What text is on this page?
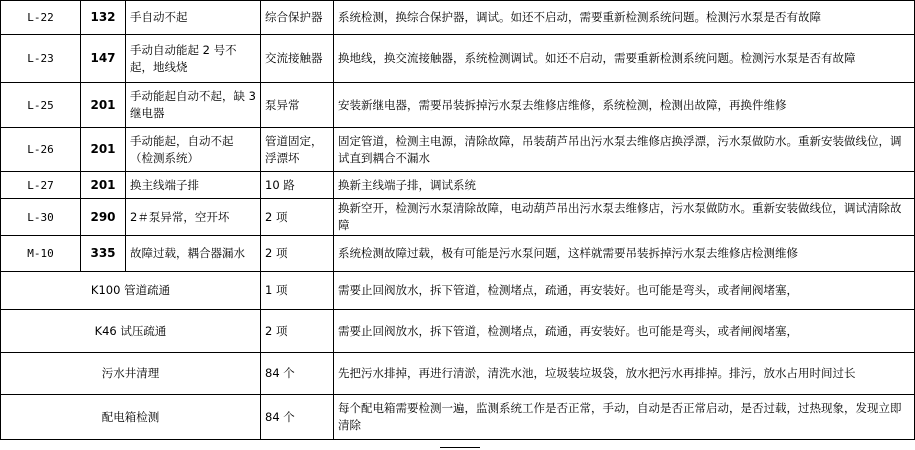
L-22	132	手自动不起	综合保护器	系统检测，换综合保护器，调试。如还不启动，需要重新检测系统问题。检测污水泵是否有故障
L-23	147	手动自动能起 2 号不起，地线烧	交流接触器	换地线，换交流接触器，系统检测调试。如还不启动，需要重新检测系统问题。检测污水泵是否有故障
L-25	201	手动能起自动不起，缺 3 继电器	泵异常	安装新继电器，需要吊装拆掉污水泵去维修店维修，系统检测，检测出故障，再换件维修
L-26	201	手动能起，自动不起（检测系统）	管道固定，浮漂坏	固定管道，检测主电源，清除故障，吊装葫芦吊出污水泵去维修店换浮漂，污水泵做防水。重新安装做线位，调试直到耦合不漏水
L-27	201	换主线端子排	10 路	换新主线端子排，调试系统
L-30	290	2＃泵异常，空开坏	2 项	换新空开，检测污水泵清除故障，电动葫芦吊出污水泵去维修店，污水泵做防水。重新安装做线位，调试清除故障
M-10	335	故障过载，耦合器漏水	2 项	系统检测故障过载，极有可能是污水泵问题，这样就需要吊装拆掉污水泵去维修店检测维修
K100 管道疏通			1 项	需要止回阀放水，拆下管道，检测堵点，疏通，再安装好。也可能是弯头，或者闸阀堵塞，
K46 试压疏通			2 项	需要止回阀放水，拆下管道，检测堵点，疏通，再安装好。也可能是弯头，或者闸阀堵塞，
污水井清理			84 个	先把污水排掉，再进行清淤，清洗水池，垃圾装垃圾袋，放水把污水再排掉。排污，放水占用时间过长
配电箱检测			84 个	每个配电箱需要检测一遍，监测系统工作是否正常，手动，自动是否正常启动，是否过载，过热现象，发现立即清除
